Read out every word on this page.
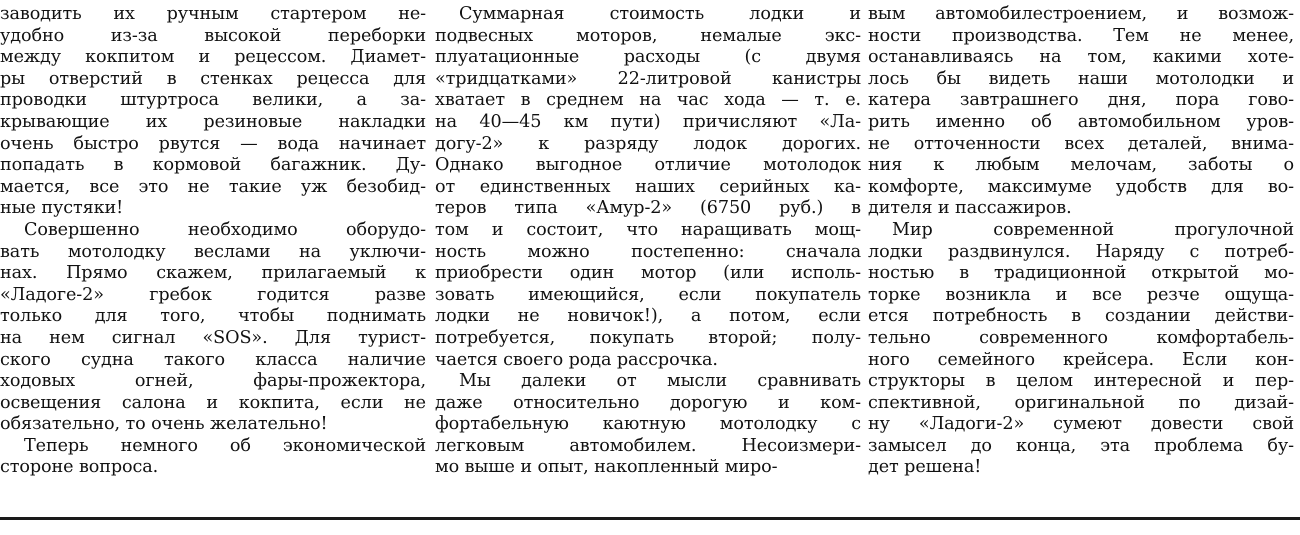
заводить их ручным стартером не-
удобно из-за высокой переборки
между кокпитом и рецессом. Диамет-
ры отверстий в стенках рецесса для
проводки штуртроса велики, а за-
крывающие их резиновые накладки
очень быстро рвутся — вода начинает
попадать в кормовой багажник. Ду-
мается, все это не такие уж безобид-
ные пустяки!
Совершенно необходимо оборудо-
вать мотолодку веслами на уключи-
нах. Прямо скажем, прилагаемый к
«Ладоге-2» гребок годится разве
только для того, чтобы поднимать
на нем сигнал «SOS». Для турист-
ского судна такого класса наличие
ходовых огней, фары-прожектора,
освещения салона и кокпита, если не
обязательно, то очень желательно!
Теперь немного об экономической
стороне вопроса.
Суммарная стоимость лодки и
подвесных моторов, немалые экс-
плуатационные расходы (с двумя
«тридцатками» 22-литровой канистры
хватает в среднем на час хода — т. е.
на 40—45 км пути) причисляют «Ла-
догу-2» к разряду лодок дорогих.
Однако выгодное отличие мотолодок
от единственных наших серийных ка-
теров типа «Амур-2» (6750 руб.) в
том и состоит, что наращивать мощ-
ность можно постепенно: сначала
приобрести один мотор (или исполь-
зовать имеющийся, если покупатель
лодки не новичок!), а потом, если
потребуется, покупать второй; полу-
чается своего рода рассрочка.
Мы далеки от мысли сравнивать
даже относительно дорогую и ком-
фортабельную каютную мотолодку с
легковым автомобилем. Несоизмери-
мо выше и опыт, накопленный миро-
вым автомобилестроением, и возмож-
ности производства. Тем не менее,
останавливаясь на том, какими хоте-
лось бы видеть наши мотолодки и
катера завтрашнего дня, пора гово-
рить именно об автомобильном уров-
не отточенности всех деталей, внима-
ния к любым мелочам, заботы о
комфорте, максимуме удобств для во-
дителя и пассажиров.
Мир современной прогулочной
лодки раздвинулся. Наряду с потреб-
ностью в традиционной открытой мо-
торке возникла и все резче ощуща-
ется потребность в создании действи-
тельно современного комфортабель-
ного семейного крейсера. Если кон-
структоры в целом интересной и пер-
спективной, оригинальной по дизай-
ну «Ладоги-2» сумеют довести свой
замысел до конца, эта проблема бу-
дет решена!
